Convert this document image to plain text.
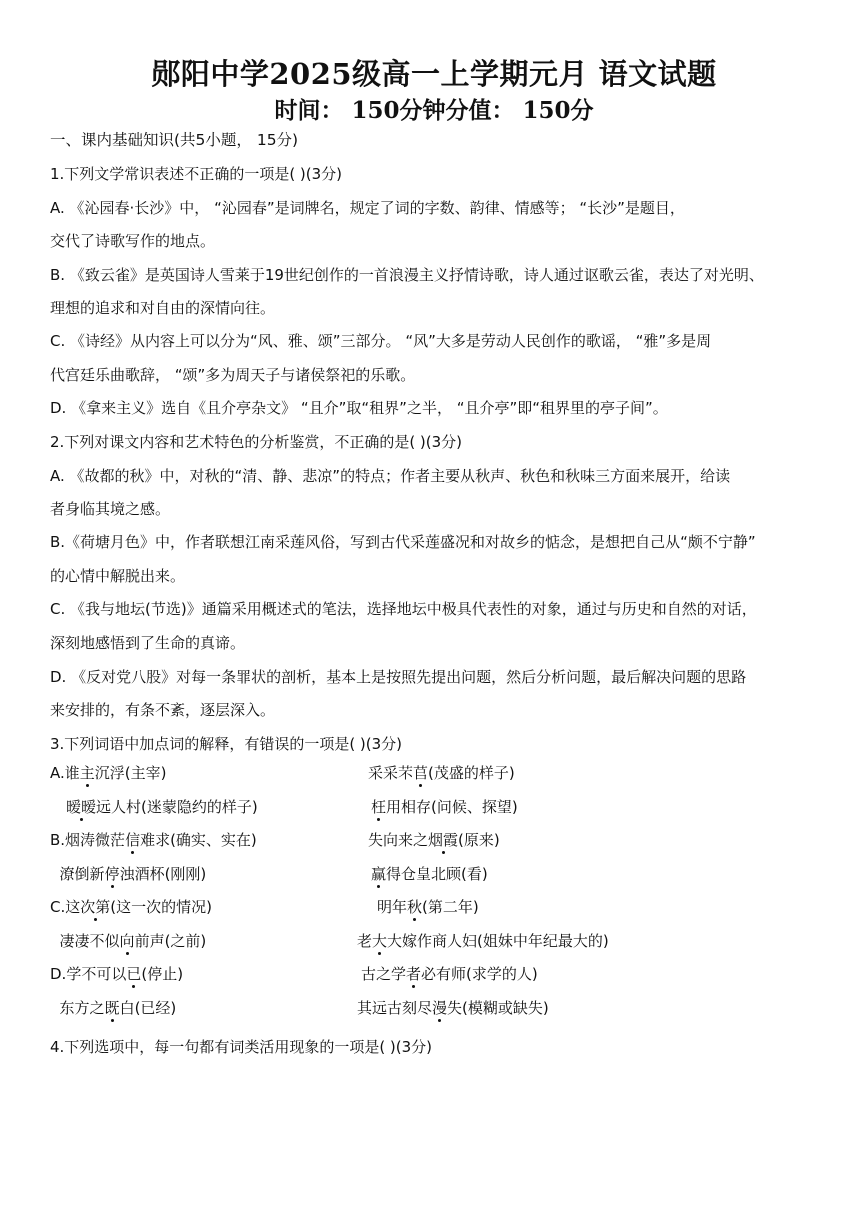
郧阳中学2025级高一上学期元月 语文试题
时间： 150分钟分值： 150分
一、课内基础知识(共5小题， 15分)
1.下列文学常识表述不正确的一项是( )(3分)
A. 《沁园春·长沙》中， “沁园春”是词牌名，规定了词的字数、韵律、情感等； “长沙”是题目，
交代了诗歌写作的地点。
B. 《致云雀》是英国诗人雪莱于19世纪创作的一首浪漫主义抒情诗歌，诗人通过讴歌云雀，表达了对光明、
理想的追求和对自由的深情向往。
C. 《诗经》从内容上可以分为“风、雅、颂”三部分。 “风”大多是劳动人民创作的歌谣， “雅”多是周
代宫廷乐曲歌辞， “颂”多为周天子与诸侯祭祀的乐歌。
D. 《拿来主义》选自《且介亭杂文》 “且介”取“租界”之半， “且介亭”即“租界里的亭子间”。
2.下列对课文内容和艺术特色的分析鉴赏，不正确的是( )(3分)
A. 《故都的秋》中，对秋的“清、静、悲凉”的特点；作者主要从秋声、秋色和秋味三方面来展开，给读
者身临其境之感。
B.《荷塘月色》中，作者联想江南采莲风俗，写到古代采莲盛况和对故乡的惦念，是想把自己从“颇不宁静”
的心情中解脱出来。
C. 《我与地坛(节选)》通篇采用概述式的笔法，选择地坛中极具代表性的对象，通过与历史和自然的对话，
深刻地感悟到了生命的真谛。
D. 《反对党八股》对每一条罪状的剖析，基本上是按照先提出问题，然后分析问题，最后解决问题的思路
来安排的，有条不紊，逐层深入。
3.下列词语中加点词的解释，有错误的一项是( )(3分)
A.谁主沉浮(主宰)	采采芣苢(茂盛的样子)
暧暧远人村(迷蒙隐约的样子)	枉用相存(问候、探望)
B.烟涛微茫信难求(确实、实在)	失向来之烟霞(原来)
潦倒新停浊酒杯(刚刚)	赢得仓皇北顾(看)
C.这次第(这一次的情况)	明年秋(第二年)
凄凄不似向前声(之前)	老大大嫁作商人妇(姐妹中年纪最大的)
D.学不可以已(停止)	古之学者必有师(求学的人)
东方之既白(已经)	其远古刻尽漫失(模糊或缺失)
4.下列选项中，每一句都有词类活用现象的一项是( )(3分)
